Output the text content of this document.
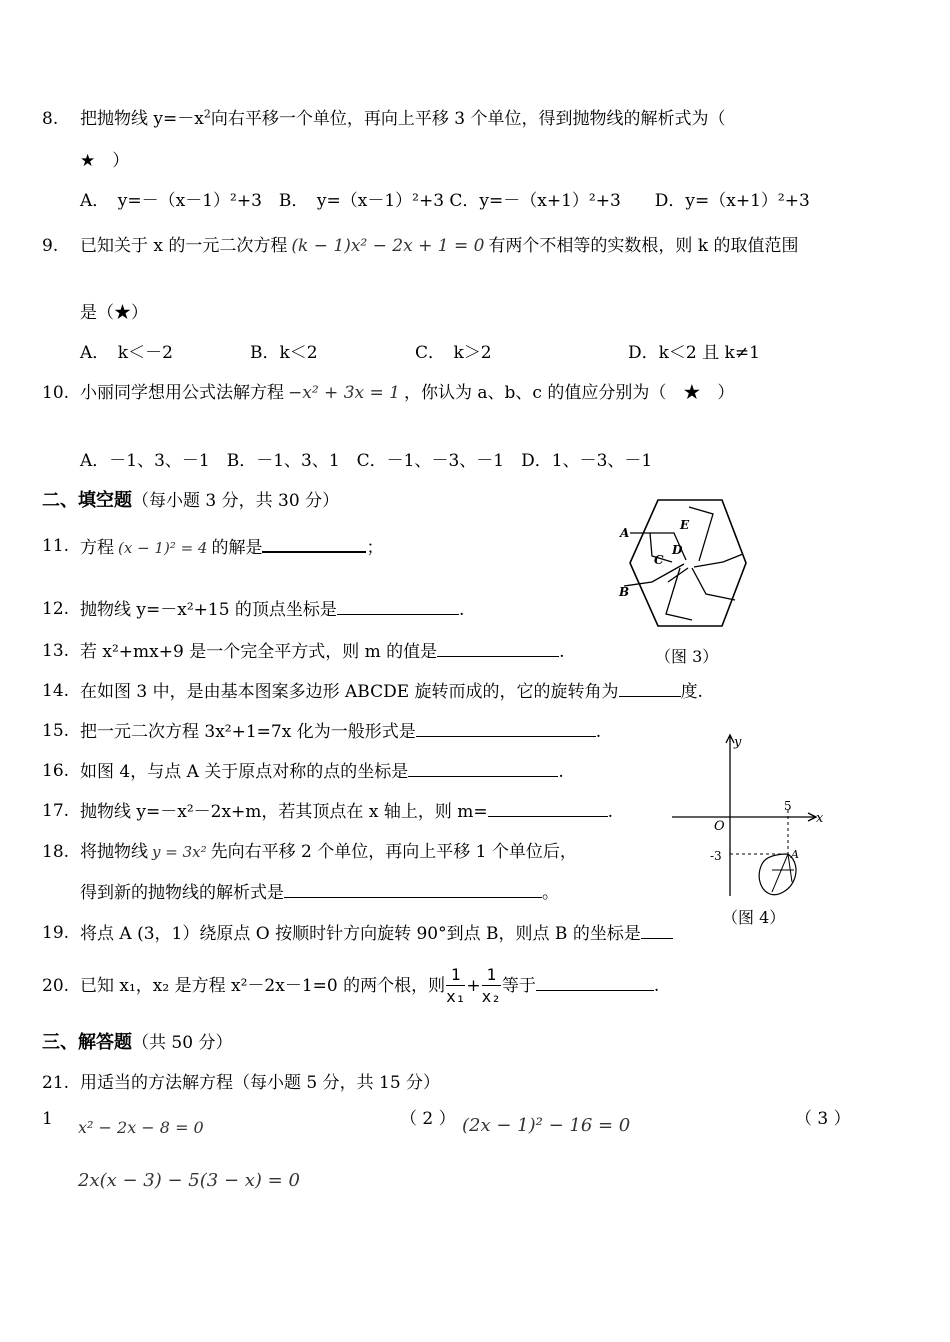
8. 把抛物线 $y=-x^2$向右平移一个单位，再向上平移 3 个单位，得到抛物线的解析式为（
★　）
A．　y=－（x－1）²+3　B．　y=（x－1）²+3 C．y=－（x+1）²+3　　D．y=（x+1）²+3
9. 已知关于 x 的一元二次方程 (k − 1)x² − 2x + 1 = 0 有两个不相等的实数根，则 k 的取值范围
是（★）
A．　k＜－2	B．k＜2	C．　k＞2	D．k＜2 且 k≠1
10. 小丽同学想用公式法解方程 −x² + 3x = 1 ，你认为 a、b、c 的值应分别为（　★　）
A．－1、3、－1　B．－1、3、1　C．－1、－3、－1　D．1、－3、－1
二、填空题（每小题 3 分，共 30 分）
11. 方程 (x − 1)² = 4 的解是	；
12. 抛物线 y=－x²+15 的顶点坐标是	.
13. 若 x²+mx+9 是一个完全平方式，则 m 的值是	.
14. 在如图 3 中，是由基本图案多边形 ABCDE 旋转而成的，它的旋转角为	度.
15. 把一元二次方程 3x²+1=7x 化为一般形式是	.
16. 如图 4，与点 A 关于原点对称的点的坐标是	.
17. 抛物线 y=－x²－2x+m，若其顶点在 x 轴上，则 m=	.
18. 将抛物线 y = 3x² 先向右平移 2 个单位，再向上平移 1 个单位后，
得到新的抛物线的解析式是	。
19. 将点 A (3，1）绕原点 O 按顺时针方向旋转 90°到点 B，则点 B 的坐标是
20. 已知 x₁，x₂ 是方程 x²－2x－1=0 的两个根，则 $\frac{1}{\text{x₁}} + \frac{1}{\text{x₂}}$ 等于	.
三、解答题（共 50 分）
21. 用适当的方法解方程（每小题 5 分，共 15 分）
1 x² − 2x − 8 = 0	（ 2 ） (2x − 1)² − 16 = 0	（ 3 ）
2x(x − 3) − 5(3 − x) = 0
A
E
D
C
B
（图 3）
y
x
O
5
-3	A
（图 4）
